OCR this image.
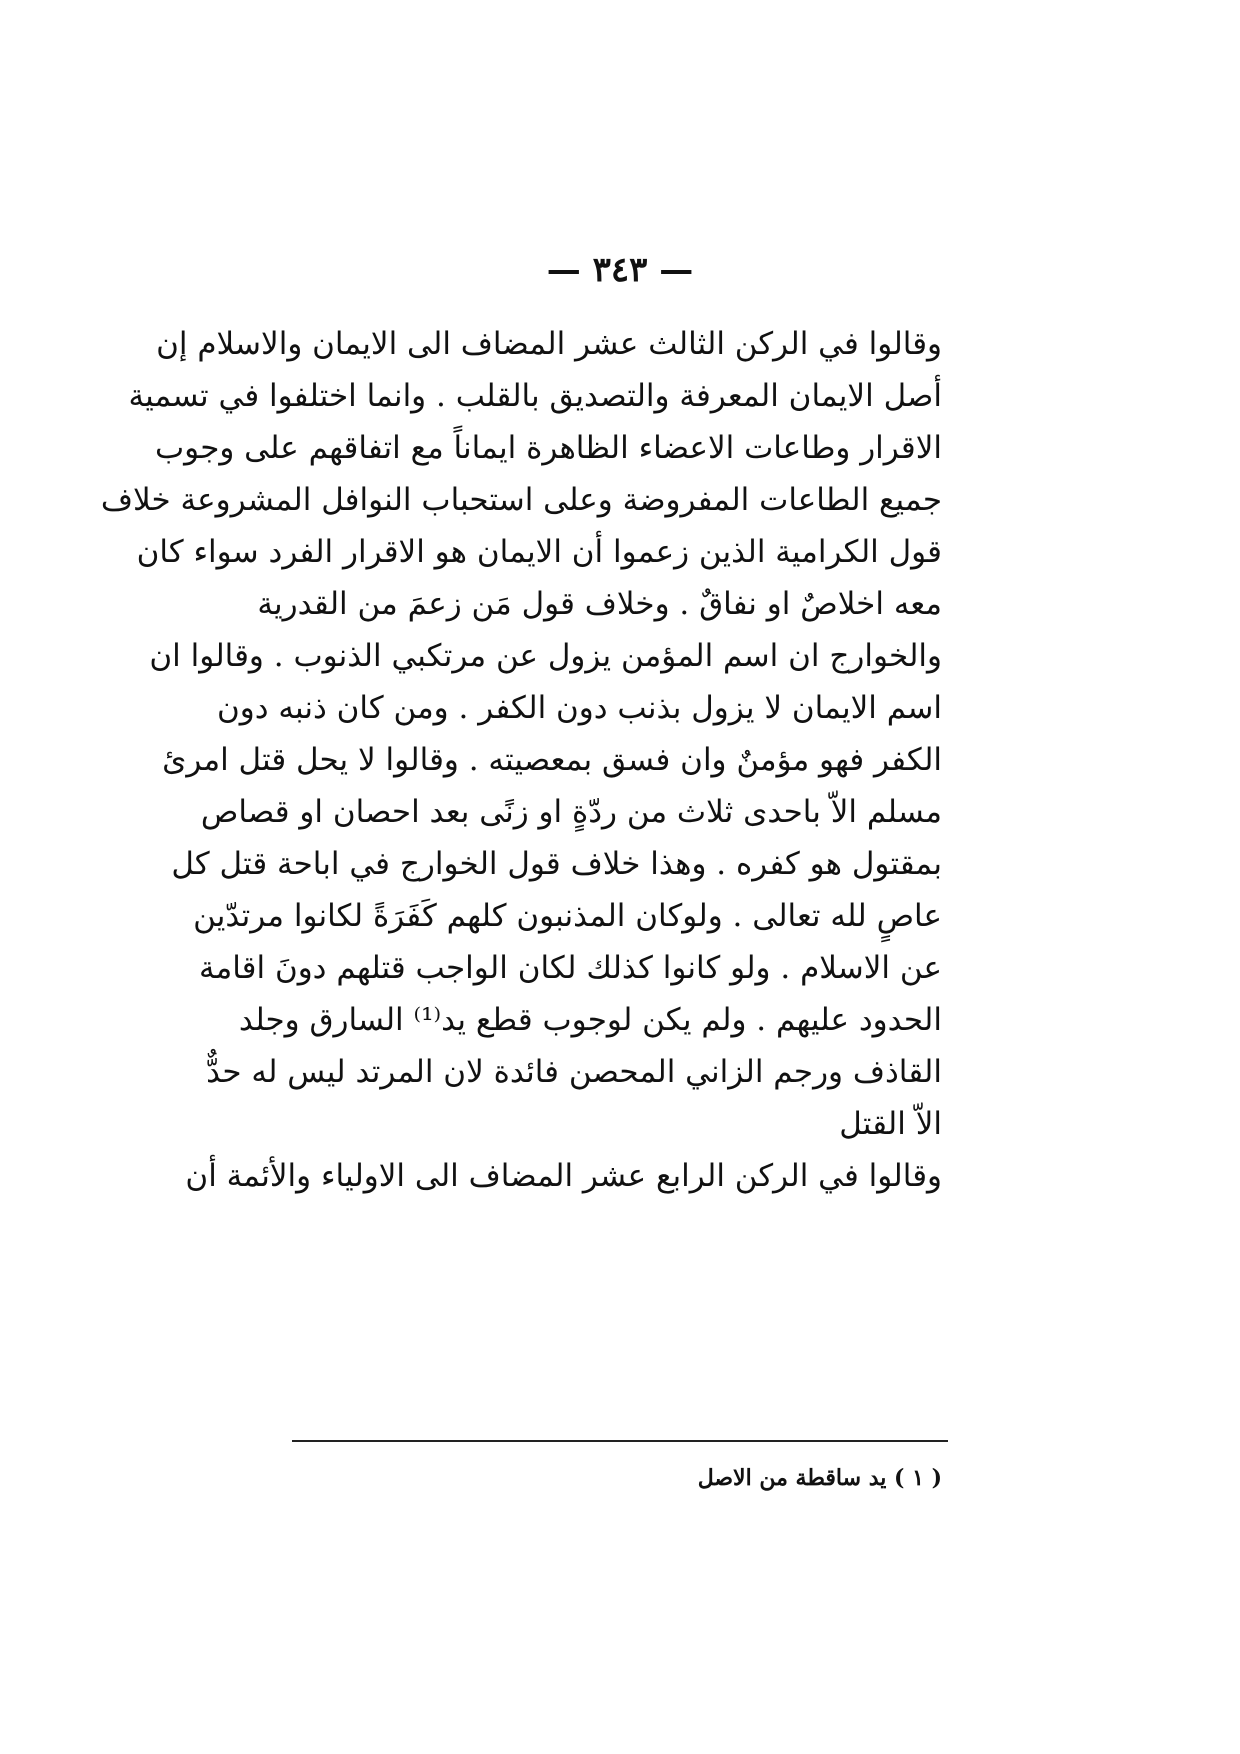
— ٣٤٣ —
وقالوا في الركن الثالث عشر المضاف الى الايمان والاسلام إن
أصل الايمان المعرفة والتصديق بالقلب . وانما اختلفوا في تسمية
الاقرار وطاعات الاعضاء الظاهرة ايماناً مع اتفاقهم على وجوب
جميع الطاعات المفروضة وعلى استحباب النوافل المشروعة خلاف
قول الكرامية الذين زعموا أن الايمان هو الاقرار الفرد سواء كان
معه اخلاصٌ او نفاقٌ . وخلاف قول مَن زعمَ من القدرية
والخوارج ان اسم المؤمن يزول عن مرتكبي الذنوب . وقالوا ان
اسم الايمان لا يزول بذنب دون الكفر . ومن كان ذنبه دون
الكفر فهو مؤمنٌ وان فسق بمعصيته . وقالوا لا يحل قتل امرئ
مسلم الاّ باحدى ثلاث من ردّةٍ او زنًى بعد احصان او قصاص
بمقتول هو كفره . وهذا خلاف قول الخوارج في اباحة قتل كل
عاصٍ لله تعالى . ولوكان المذنبون كلهم كَفَرَةً لكانوا مرتدّين
عن الاسلام . ولو كانوا كذلك لكان الواجب قتلهم دونَ اقامة
الحدود عليهم . ولم يكن لوجوب قطع يد⁽¹⁾ السارق وجلد
القاذف ورجم الزاني المحصن فائدة لان المرتد ليس له حدٌّ
الاّ القتل
وقالوا في الركن الرابع عشر المضاف الى الاولياء والأئمة أن
( ١ ) يد ساقطة من الاصل
